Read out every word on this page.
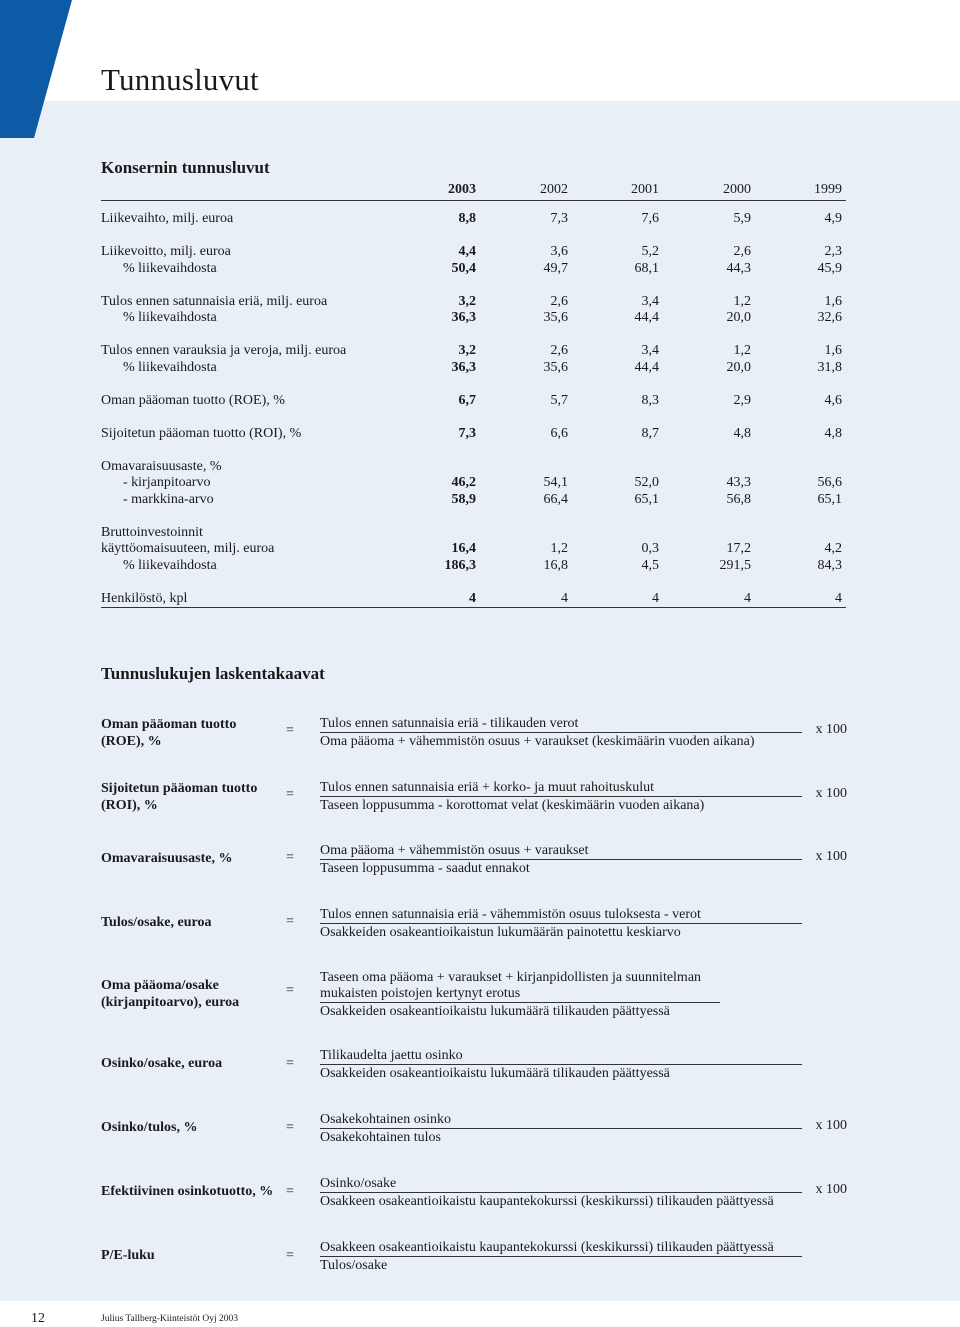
Tunnusluvut
Konsernin tunnusluvut
2003	2002	2001	2000	1999
Liikevaihto, milj. euroa	8,8	7,3	7,6	5,9	4,9
Liikevoitto, milj. euroa	4,4	3,6	5,2	2,6	2,3
% liikevaihdosta	50,4	49,7	68,1	44,3	45,9
Tulos ennen satunnaisia eriä, milj. euroa	3,2	2,6	3,4	1,2	1,6
% liikevaihdosta	36,3	35,6	44,4	20,0	32,6
Tulos ennen varauksia ja veroja, milj. euroa	3,2	2,6	3,4	1,2	1,6
% liikevaihdosta	36,3	35,6	44,4	20,0	31,8
Oman pääoman tuotto (ROE), %	6,7	5,7	8,3	2,9	4,6
Sijoitetun pääoman tuotto (ROI), %	7,3	6,6	8,7	4,8	4,8
Omavaraisuusaste, %
- kirjanpitoarvo	46,2	54,1	52,0	43,3	56,6
- markkina-arvo	58,9	66,4	65,1	56,8	65,1
Bruttoinvestoinnit
käyttöomaisuuteen, milj. euroa	16,4	1,2	0,3	17,2	4,2
% liikevaihdosta	186,3	16,8	4,5	291,5	84,3
Henkilöstö, kpl	4	4	4	4	4
Tunnuslukujen laskentakaavat
Oman pääoman tuotto (ROE), %
= Tulos ennen satunnaisia eriä - tilikauden verot
Oma pääoma + vähemmistön osuus + varaukset (keskimäärin vuoden aikana)
x 100
Sijoitetun pääoman tuotto (ROI), %
= Tulos ennen satunnaisia eriä + korko- ja muut rahoituskulut
Taseen loppusumma - korottomat velat (keskimäärin vuoden aikana)
x 100
Omavaraisuusaste, %	= Oma pääoma + vähemmistön osuus + varaukset
Taseen loppusumma - saadut ennakot
x 100
Tulos/osake, euroa	= Tulos ennen satunnaisia eriä - vähemmistön osuus tuloksesta - verot
Osakkeiden osakeantioikaistun lukumäärän painotettu keskiarvo
Oma pääoma/osake (kirjanpitoarvo), euroa
=
Taseen oma pääoma + varaukset + kirjanpidollisten ja suunnitelman mukaisten poistojen kertynyt erotus
Osakkeiden osakeantioikaistu lukumäärä tilikauden päättyessä
Osinko/osake, euroa	=
Tilikaudelta jaettu osinko
Osakkeiden osakeantioikaistu lukumäärä tilikauden päättyessä
Osinko/tulos, %	=
Osakekohtainen osinko
Osakekohtainen tulos
x 100
Efektiivinen osinkotuotto, % =
Osinko/osake
Osakkeen osakeantioikaistu kaupantekokurssi (keskikurssi) tilikauden päättyessä
x 100
P/E-luku	=
Osakkeen osakeantioikaistu kaupantekokurssi (keskikurssi) tilikauden päättyessä
Tulos/osake
12	Julius Tallberg-Kiinteistöt Oyj 2003
